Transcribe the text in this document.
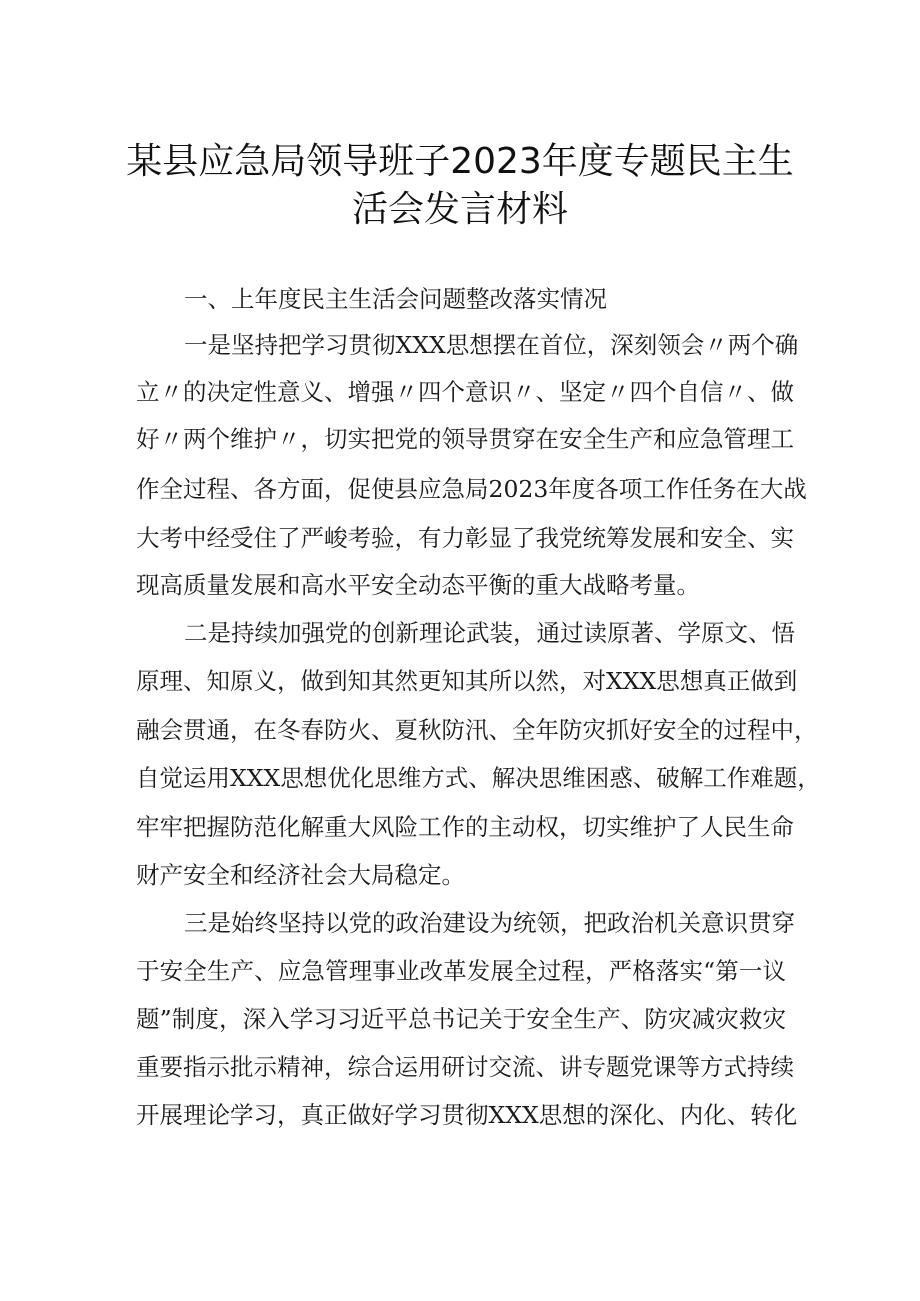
某县应急局领导班子2023年度专题民主生
活会发言材料
一、上年度民主生活会问题整改落实情况
一是坚持把学习贯彻XXX思想摆在首位，深刻领会〃两个确
立〃的决定性意义、增强〃四个意识〃、坚定〃四个自信〃、做
好〃两个维护〃，切实把党的领导贯穿在安全生产和应急管理工
作全过程、各方面，促使县应急局2023年度各项工作任务在大战
大考中经受住了严峻考验，有力彰显了我党统筹发展和安全、实
现高质量发展和高水平安全动态平衡的重大战略考量。
二是持续加强党的创新理论武装，通过读原著、学原文、悟
原理、知原义，做到知其然更知其所以然，对XXX思想真正做到
融会贯通，在冬春防火、夏秋防汛、全年防灾抓好安全的过程中，
自觉运用XXX思想优化思维方式、解决思维困惑、破解工作难题，
牢牢把握防范化解重大风险工作的主动权，切实维护了人民生命
财产安全和经济社会大局稳定。
三是始终坚持以党的政治建设为统领，把政治机关意识贯穿
于安全生产、应急管理事业改革发展全过程，严格落实“第一议
题”制度，深入学习习近平总书记关于安全生产、防灾减灾救灾
重要指示批示精神，综合运用研讨交流、讲专题党课等方式持续
开展理论学习，真正做好学习贯彻XXX思想的深化、内化、转化
